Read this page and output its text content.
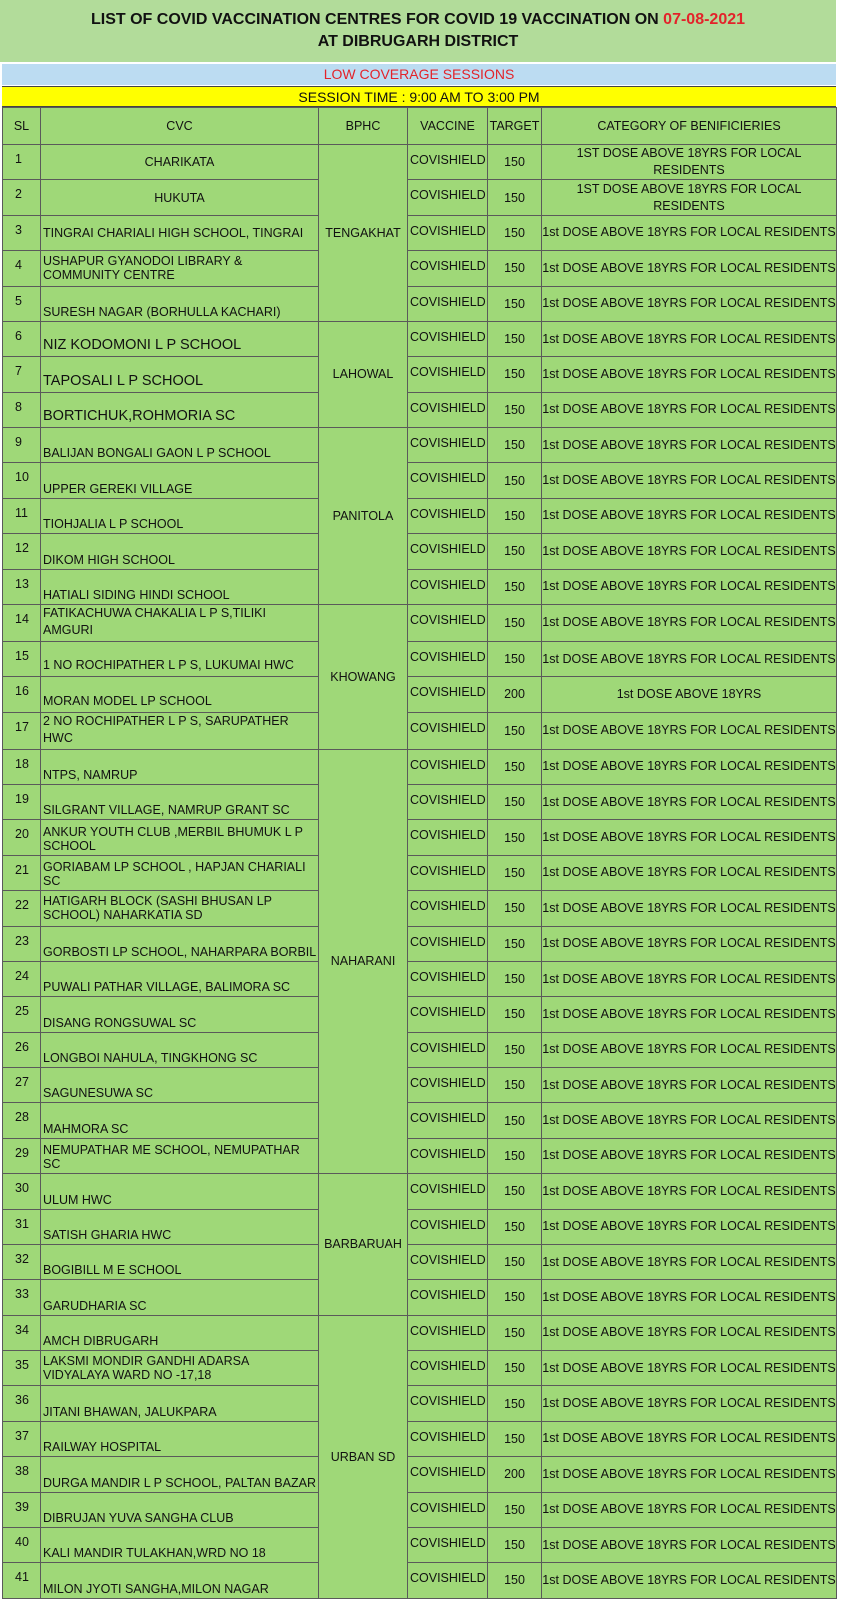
LIST OF COVID VACCINATION CENTRES FOR COVID 19 VACCINATION ON 07-08-2021
AT DIBRUGARH DISTRICT
LOW COVERAGE SESSIONS
SESSION TIME : 9:00 AM TO 3:00 PM
SL	CVC	BPHC	VACCINE	TARGET	CATEGORY OF BENIFICIERIES
1	CHARIKATA	TENGAKHAT	COVISHIELD	150	1ST DOSE ABOVE 18YRS FOR LOCAL RESIDENTS
2	HUKUTA		COVISHIELD	150	1ST DOSE ABOVE 18YRS FOR LOCAL RESIDENTS
3	TINGRAI CHARIALI HIGH SCHOOL, TINGRAI		COVISHIELD	150	1st DOSE ABOVE 18YRS FOR LOCAL RESIDENTS
4	USHAPUR GYANODOI LIBRARY & COMMUNITY CENTRE		COVISHIELD	150	1st DOSE ABOVE 18YRS FOR LOCAL RESIDENTS
5	SURESH NAGAR (BORHULLA KACHARI)		COVISHIELD	150	1st DOSE ABOVE 18YRS FOR LOCAL RESIDENTS
6	NIZ KODOMONI L P SCHOOL	LAHOWAL	COVISHIELD	150	1st DOSE ABOVE 18YRS FOR LOCAL RESIDENTS
7	TAPOSALI L P SCHOOL		COVISHIELD	150	1st DOSE ABOVE 18YRS FOR LOCAL RESIDENTS
8	BORTICHUK,ROHMORIA SC		COVISHIELD	150	1st DOSE ABOVE 18YRS FOR LOCAL RESIDENTS
9	BALIJAN BONGALI GAON L P SCHOOL	PANITOLA	COVISHIELD	150	1st DOSE ABOVE 18YRS FOR LOCAL RESIDENTS
10	UPPER GEREKI VILLAGE		COVISHIELD	150	1st DOSE ABOVE 18YRS FOR LOCAL RESIDENTS
11	TIOHJALIA L P SCHOOL		COVISHIELD	150	1st DOSE ABOVE 18YRS FOR LOCAL RESIDENTS
12	DIKOM HIGH SCHOOL		COVISHIELD	150	1st DOSE ABOVE 18YRS FOR LOCAL RESIDENTS
13	HATIALI SIDING HINDI SCHOOL		COVISHIELD	150	1st DOSE ABOVE 18YRS FOR LOCAL RESIDENTS
14	FATIKACHUWA CHAKALIA L P S,TILIKI AMGURI	KHOWANG	COVISHIELD	150	1st DOSE ABOVE 18YRS FOR LOCAL RESIDENTS
15	1 NO ROCHIPATHER L P S, LUKUMAI HWC		COVISHIELD	150	1st DOSE ABOVE 18YRS FOR LOCAL RESIDENTS
16	MORAN MODEL LP SCHOOL		COVISHIELD	200	1st DOSE ABOVE 18YRS
17	2 NO ROCHIPATHER L P S, SARUPATHER HWC		COVISHIELD	150	1st DOSE ABOVE 18YRS FOR LOCAL RESIDENTS
18	NTPS, NAMRUP	NAHARANI	COVISHIELD	150	1st DOSE ABOVE 18YRS FOR LOCAL RESIDENTS
19	SILGRANT VILLAGE, NAMRUP GRANT SC		COVISHIELD	150	1st DOSE ABOVE 18YRS FOR LOCAL RESIDENTS
20	ANKUR YOUTH CLUB ,MERBIL BHUMUK L P SCHOOL		COVISHIELD	150	1st DOSE ABOVE 18YRS FOR LOCAL RESIDENTS
21	GORIABAM LP SCHOOL , HAPJAN CHARIALI SC		COVISHIELD	150	1st DOSE ABOVE 18YRS FOR LOCAL RESIDENTS
22	HATIGARH BLOCK (SASHI BHUSAN LP SCHOOL) NAHARKATIA SD		COVISHIELD	150	1st DOSE ABOVE 18YRS FOR LOCAL RESIDENTS
23	GORBOSTI LP SCHOOL, NAHARPARA BORBIL		COVISHIELD	150	1st DOSE ABOVE 18YRS FOR LOCAL RESIDENTS
24	PUWALI PATHAR VILLAGE, BALIMORA SC		COVISHIELD	150	1st DOSE ABOVE 18YRS FOR LOCAL RESIDENTS
25	DISANG RONGSUWAL SC		COVISHIELD	150	1st DOSE ABOVE 18YRS FOR LOCAL RESIDENTS
26	LONGBOI NAHULA, TINGKHONG SC		COVISHIELD	150	1st DOSE ABOVE 18YRS FOR LOCAL RESIDENTS
27	SAGUNESUWA SC		COVISHIELD	150	1st DOSE ABOVE 18YRS FOR LOCAL RESIDENTS
28	MAHMORA SC		COVISHIELD	150	1st DOSE ABOVE 18YRS FOR LOCAL RESIDENTS
29	NEMUPATHAR ME SCHOOL, NEMUPATHAR SC		COVISHIELD	150	1st DOSE ABOVE 18YRS FOR LOCAL RESIDENTS
30	ULUM HWC	BARBARUAH	COVISHIELD	150	1st DOSE ABOVE 18YRS FOR LOCAL RESIDENTS
31	SATISH GHARIA HWC		COVISHIELD	150	1st DOSE ABOVE 18YRS FOR LOCAL RESIDENTS
32	BOGIBILL M E SCHOOL		COVISHIELD	150	1st DOSE ABOVE 18YRS FOR LOCAL RESIDENTS
33	GARUDHARIA SC		COVISHIELD	150	1st DOSE ABOVE 18YRS FOR LOCAL RESIDENTS
34	AMCH DIBRUGARH	URBAN SD	COVISHIELD	150	1st DOSE ABOVE 18YRS FOR LOCAL RESIDENTS
35	LAKSMI MONDIR GANDHI ADARSA VIDYALAYA WARD NO -17,18		COVISHIELD	150	1st DOSE ABOVE 18YRS FOR LOCAL RESIDENTS
36	JITANI BHAWAN, JALUKPARA		COVISHIELD	150	1st DOSE ABOVE 18YRS FOR LOCAL RESIDENTS
37	RAILWAY HOSPITAL		COVISHIELD	150	1st DOSE ABOVE 18YRS FOR LOCAL RESIDENTS
38	DURGA MANDIR L P SCHOOL, PALTAN BAZAR		COVISHIELD	200	1st DOSE ABOVE 18YRS FOR LOCAL RESIDENTS
39	DIBRUJAN YUVA SANGHA CLUB		COVISHIELD	150	1st DOSE ABOVE 18YRS FOR LOCAL RESIDENTS
40	KALI MANDIR TULAKHAN,WRD NO 18		COVISHIELD	150	1st DOSE ABOVE 18YRS FOR LOCAL RESIDENTS
41	MILON JYOTI SANGHA,MILON NAGAR		COVISHIELD	150	1st DOSE ABOVE 18YRS FOR LOCAL RESIDENTS
